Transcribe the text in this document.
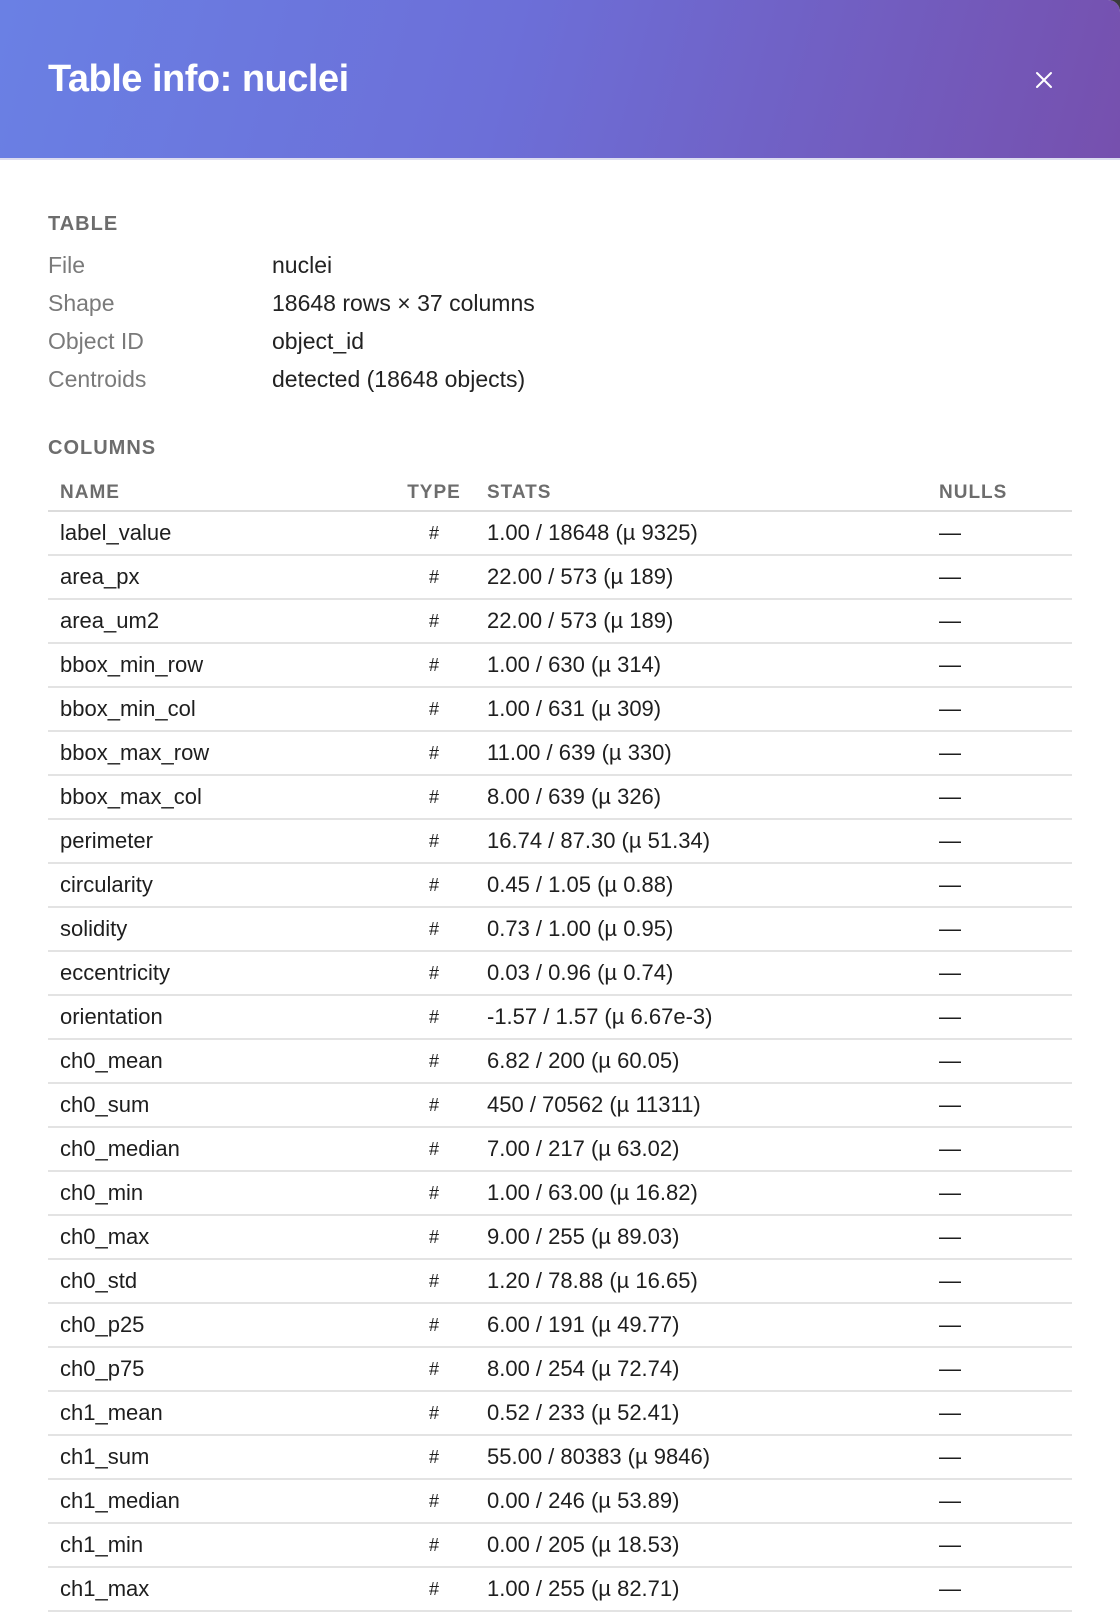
Table info: nuclei
TABLE
File	nuclei
Shape	18648 rows × 37 columns
Object ID	object_id
Centroids	detected (18648 objects)
COLUMNS
NAME	TYPE	STATS	NULLS
label_value	#	1.00 / 18648 (µ 9325)	—
area_px	#	22.00 / 573 (µ 189)	—
area_um2	#	22.00 / 573 (µ 189)	—
bbox_min_row	#	1.00 / 630 (µ 314)	—
bbox_min_col	#	1.00 / 631 (µ 309)	—
bbox_max_row	#	11.00 / 639 (µ 330)	—
bbox_max_col	#	8.00 / 639 (µ 326)	—
perimeter	#	16.74 / 87.30 (µ 51.34)	—
circularity	#	0.45 / 1.05 (µ 0.88)	—
solidity	#	0.73 / 1.00 (µ 0.95)	—
eccentricity	#	0.03 / 0.96 (µ 0.74)	—
orientation	#	-1.57 / 1.57 (µ 6.67e-3)	—
ch0_mean	#	6.82 / 200 (µ 60.05)	—
ch0_sum	#	450 / 70562 (µ 11311)	—
ch0_median	#	7.00 / 217 (µ 63.02)	—
ch0_min	#	1.00 / 63.00 (µ 16.82)	—
ch0_max	#	9.00 / 255 (µ 89.03)	—
ch0_std	#	1.20 / 78.88 (µ 16.65)	—
ch0_p25	#	6.00 / 191 (µ 49.77)	—
ch0_p75	#	8.00 / 254 (µ 72.74)	—
ch1_mean	#	0.52 / 233 (µ 52.41)	—
ch1_sum	#	55.00 / 80383 (µ 9846)	—
ch1_median	#	0.00 / 246 (µ 53.89)	—
ch1_min	#	0.00 / 205 (µ 18.53)	—
ch1_max	#	1.00 / 255 (µ 82.71)	—
